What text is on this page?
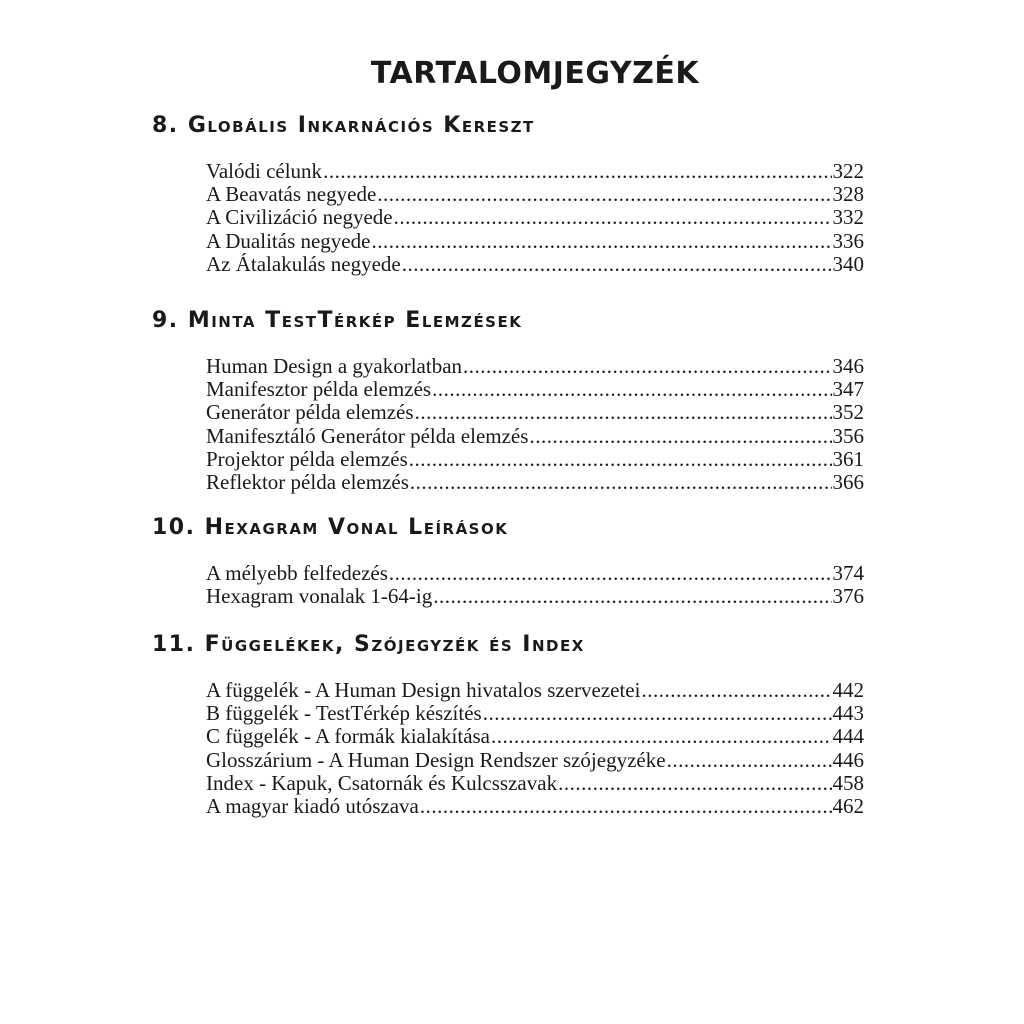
TARTALOMJEGYZÉK
8. Globális Inkarnációs Kereszt
Valódi célunk .....	322
A Beavatás negyede .....	328
A Civilizáció negyede .....	332
A Dualitás negyede .....	336
Az Átalakulás negyede .....	340
9. Minta TestTérkép Elemzések
Human Design a gyakorlatban .....	346
Manifesztor példa elemzés .....	347
Generátor példa elemzés .....	352
Manifesztáló Generátor példa elemzés .....	356
Projektor példa elemzés .....	361
Reflektor példa elemzés .....	366
10. Hexagram Vonal Leírások
A mélyebb felfedezés .....	374
Hexagram vonalak 1-64-ig .....	376
11. Függelékek, Szójegyzék és Index
A függelék - A Human Design hivatalos szervezetei .....	442
B függelék - TestTérkép készítés .....	443
C függelék - A formák kialakítása .....	444
Glosszárium - A Human Design Rendszer szójegyzéke .....	446
Index - Kapuk, Csatornák és Kulcsszavak .....	458
A magyar kiadó utószava .....	462
